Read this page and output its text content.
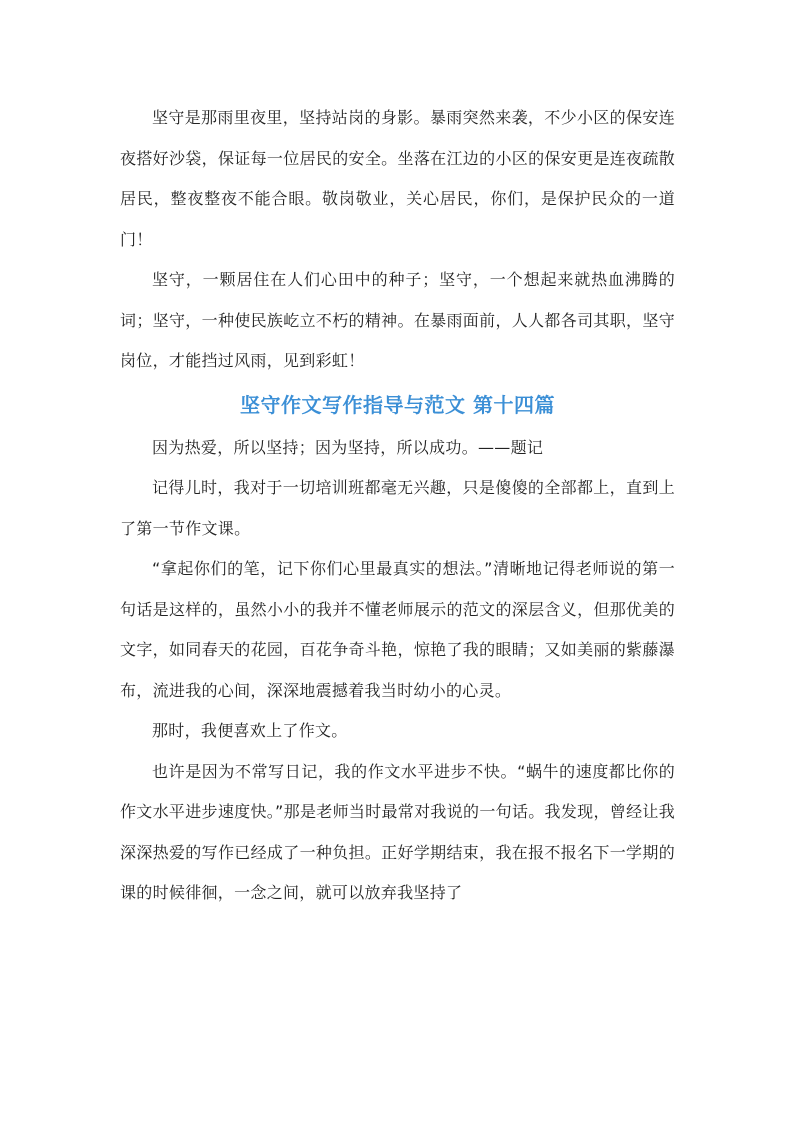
坚守是那雨里夜里，坚持站岗的身影。暴雨突然来袭，不少小区的保安连夜搭好沙袋，保证每一位居民的安全。坐落在江边的小区的保安更是连夜疏散居民，整夜整夜不能合眼。敬岗敬业，关心居民，你们，是保护民众的一道门！

坚守，一颗居住在人们心田中的种子；坚守，一个想起来就热血沸腾的词；坚守，一种使民族屹立不朽的精神。在暴雨面前，人人都各司其职，坚守岗位，才能挡过风雨，见到彩虹！

坚守作文写作指导与范文 第十四篇

因为热爱，所以坚持；因为坚持，所以成功。——题记

记得儿时，我对于一切培训班都毫无兴趣，只是傻傻的全部都上，直到上了第一节作文课。

“拿起你们的笔，记下你们心里最真实的想法。”清晰地记得老师说的第一句话是这样的，虽然小小的我并不懂老师展示的范文的深层含义，但那优美的文字，如同春天的花园，百花争奇斗艳，惊艳了我的眼睛；又如美丽的紫藤瀑布，流进我的心间，深深地震撼着我当时幼小的心灵。

那时，我便喜欢上了作文。

也许是因为不常写日记，我的作文水平进步不快。“蜗牛的速度都比你的作文水平进步速度快。”那是老师当时最常对我说的一句话。我发现，曾经让我深深热爱的写作已经成了一种负担。正好学期结束，我在报不报名下一学期的课的时候徘徊，一念之间，就可以放弃我坚持了
